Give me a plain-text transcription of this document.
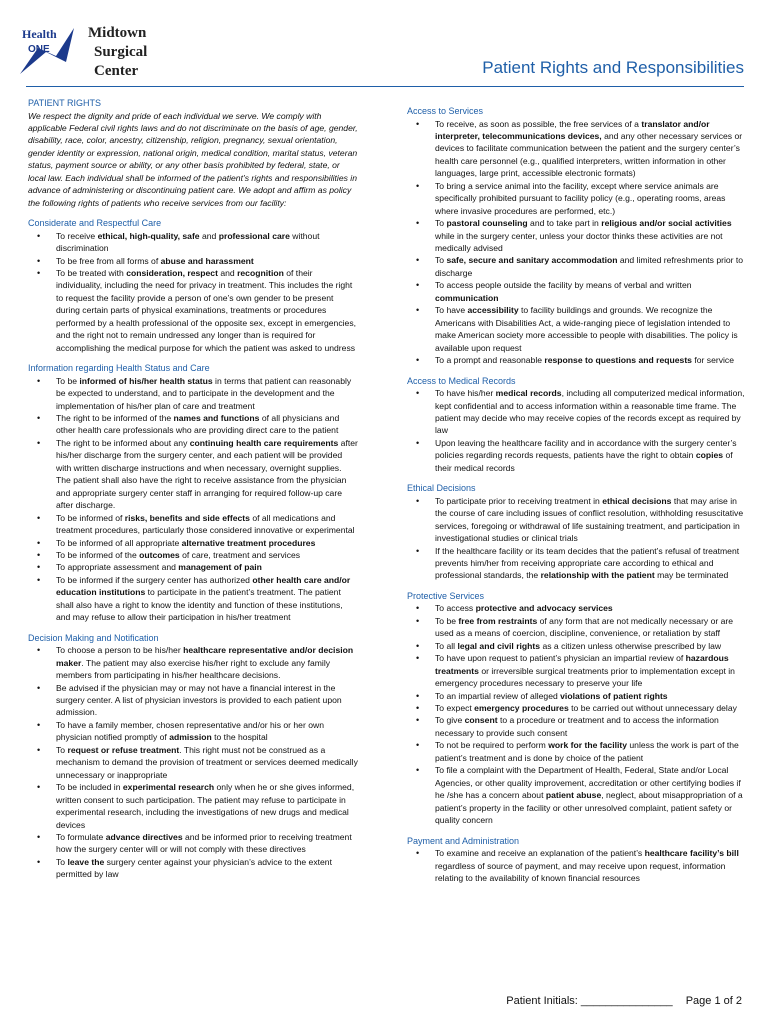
Health
ONE
Midtown
Surgical
Center	Patient Rights and Responsibilities

PATIENT RIGHTS

We respect the dignity and pride of each individual we serve. We comply with applicable Federal civil rights laws and do not discriminate on the basis of age, gender, disability, race, color, ancestry, citizenship, religion, pregnancy, sexual orientation, gender identity or expression, national origin, medical condition, marital status, veteran status, payment source or ability, or any other basis prohibited by federal, state, or local law. Each individual shall be informed of the patient’s rights and responsibilities in advance of administering or discontinuing patient care. We adopt and affirm as policy the following rights of patients who receive services from our facility:

Considerate and Respectful Care

• To receive ethical, high-quality, safe and professional care without discrimination
• To be free from all forms of abuse and harassment
• To be treated with consideration, respect and recognition of their individuality, including the need for privacy in treatment. This includes the right to request the facility provide a person of one’s own gender to be present during certain parts of physical examinations, treatments or procedures performed by a health professional of the opposite sex, except in emergencies, and the right not to remain undressed any longer than is required for accomplishing the medical purpose for which the patient was asked to undress

Information regarding Health Status and Care

• To be informed of his/her health status in terms that patient can reasonably be expected to understand, and to participate in the development and the implementation of his/her plan of care and treatment
• The right to be informed of the names and functions of all physicians and other health care professionals who are providing direct care to the patient
• The right to be informed about any continuing health care requirements after his/her discharge from the surgery center, and each patient will be provided with written discharge instructions and when necessary, overnight supplies. The patient shall also have the right to receive assistance from the physician and appropriate surgery center staff in arranging for required follow-up care after discharge.
• To be informed of risks, benefits and side effects of all medications and treatment procedures, particularly those considered innovative or experimental
• To be informed of all appropriate alternative treatment procedures
• To be informed of the outcomes of care, treatment and services
• To appropriate assessment and management of pain
• To be informed if the surgery center has authorized other health care and/or education institutions to participate in the patient’s treatment. The patient shall also have a right to know the identity and function of these institutions, and may refuse to allow their participation in his/her treatment

Decision Making and Notification

• To choose a person to be his/her healthcare representative and/or decision maker. The patient may also exercise his/her right to exclude any family members from participating in his/her healthcare decisions.
• Be advised if the physician may or may not have a financial interest in the surgery center. A list of physician investors is provided to each patient upon admission.
• To have a family member, chosen representative and/or his or her own physician notified promptly of admission to the hospital
• To request or refuse treatment. This right must not be construed as a mechanism to demand the provision of treatment or services deemed medically unnecessary or inappropriate
• To be included in experimental research only when he or she gives informed, written consent to such participation. The patient may refuse to participate in experimental research, including the investigations of new drugs and medical devices
• To formulate advance directives and be informed prior to receiving treatment how the surgery center will or will not comply with these directives
• To leave the surgery center against your physician’s advice to the extent permitted by law

Access to Services

• To receive, as soon as possible, the free services of a translator and/or interpreter, telecommunications devices, and any other necessary services or devices to facilitate communication between the patient and the surgery center’s health care personnel (e.g., qualified interpreters, written information in other languages, large print, accessible electronic formats)
• To bring a service animal into the facility, except where service animals are specifically prohibited pursuant to facility policy (e.g., operating rooms, areas where invasive procedures are performed, etc.)
• To pastoral counseling and to take part in religious and/or social activities while in the surgery center, unless your doctor thinks these activities are not medically advised
• To safe, secure and sanitary accommodation and limited refreshments prior to discharge
• To access people outside the facility by means of verbal and written communication
• To have accessibility to facility buildings and grounds. We recognize the Americans with Disabilities Act, a wide-ranging piece of legislation intended to make American society more accessible to people with disabilities. The policy is available upon request
• To a prompt and reasonable response to questions and requests for service

Access to Medical Records

• To have his/her medical records, including all computerized medical information, kept confidential and to access information within a reasonable time frame. The patient may decide who may receive copies of the records except as required by law
• Upon leaving the healthcare facility and in accordance with the surgery center’s policies regarding records requests, patients have the right to obtain copies of their medical records

Ethical Decisions

• To participate prior to receiving treatment in ethical decisions that may arise in the course of care including issues of conflict resolution, withholding resuscitative services, foregoing or withdrawal of life sustaining treatment, and participation in investigational studies or clinical trials
• If the healthcare facility or its team decides that the patient’s refusal of treatment prevents him/her from receiving appropriate care according to ethical and professional standards, the relationship with the patient may be terminated

Protective Services

• To access protective and advocacy services
• To be free from restraints of any form that are not medically necessary or are used as a means of coercion, discipline, convenience, or retaliation by staff
• To all legal and civil rights as a citizen unless otherwise prescribed by law
• To have upon request to patient’s physician an impartial review of hazardous treatments or irreversible surgical treatments prior to implementation except in emergency procedures necessary to preserve your life
• To an impartial review of alleged violations of patient rights
• To expect emergency procedures to be carried out without unnecessary delay
• To give consent to a procedure or treatment and to access the information necessary to provide such consent
• To not be required to perform work for the facility unless the work is part of the patient’s treatment and is done by choice of the patient
• To file a complaint with the Department of Health, Federal, State and/or Local Agencies, or other quality improvement, accreditation or other certifying bodies if he /she has a concern about patient abuse, neglect, about misappropriation of a patient’s property in the facility or other unresolved complaint, patient safety or quality concern

Payment and Administration

• To examine and receive an explanation of the patient’s healthcare facility’s bill regardless of source of payment, and may receive upon request, information relating to the availability of known financial resources
Patient Initials: _______________ Page 1 of 2
